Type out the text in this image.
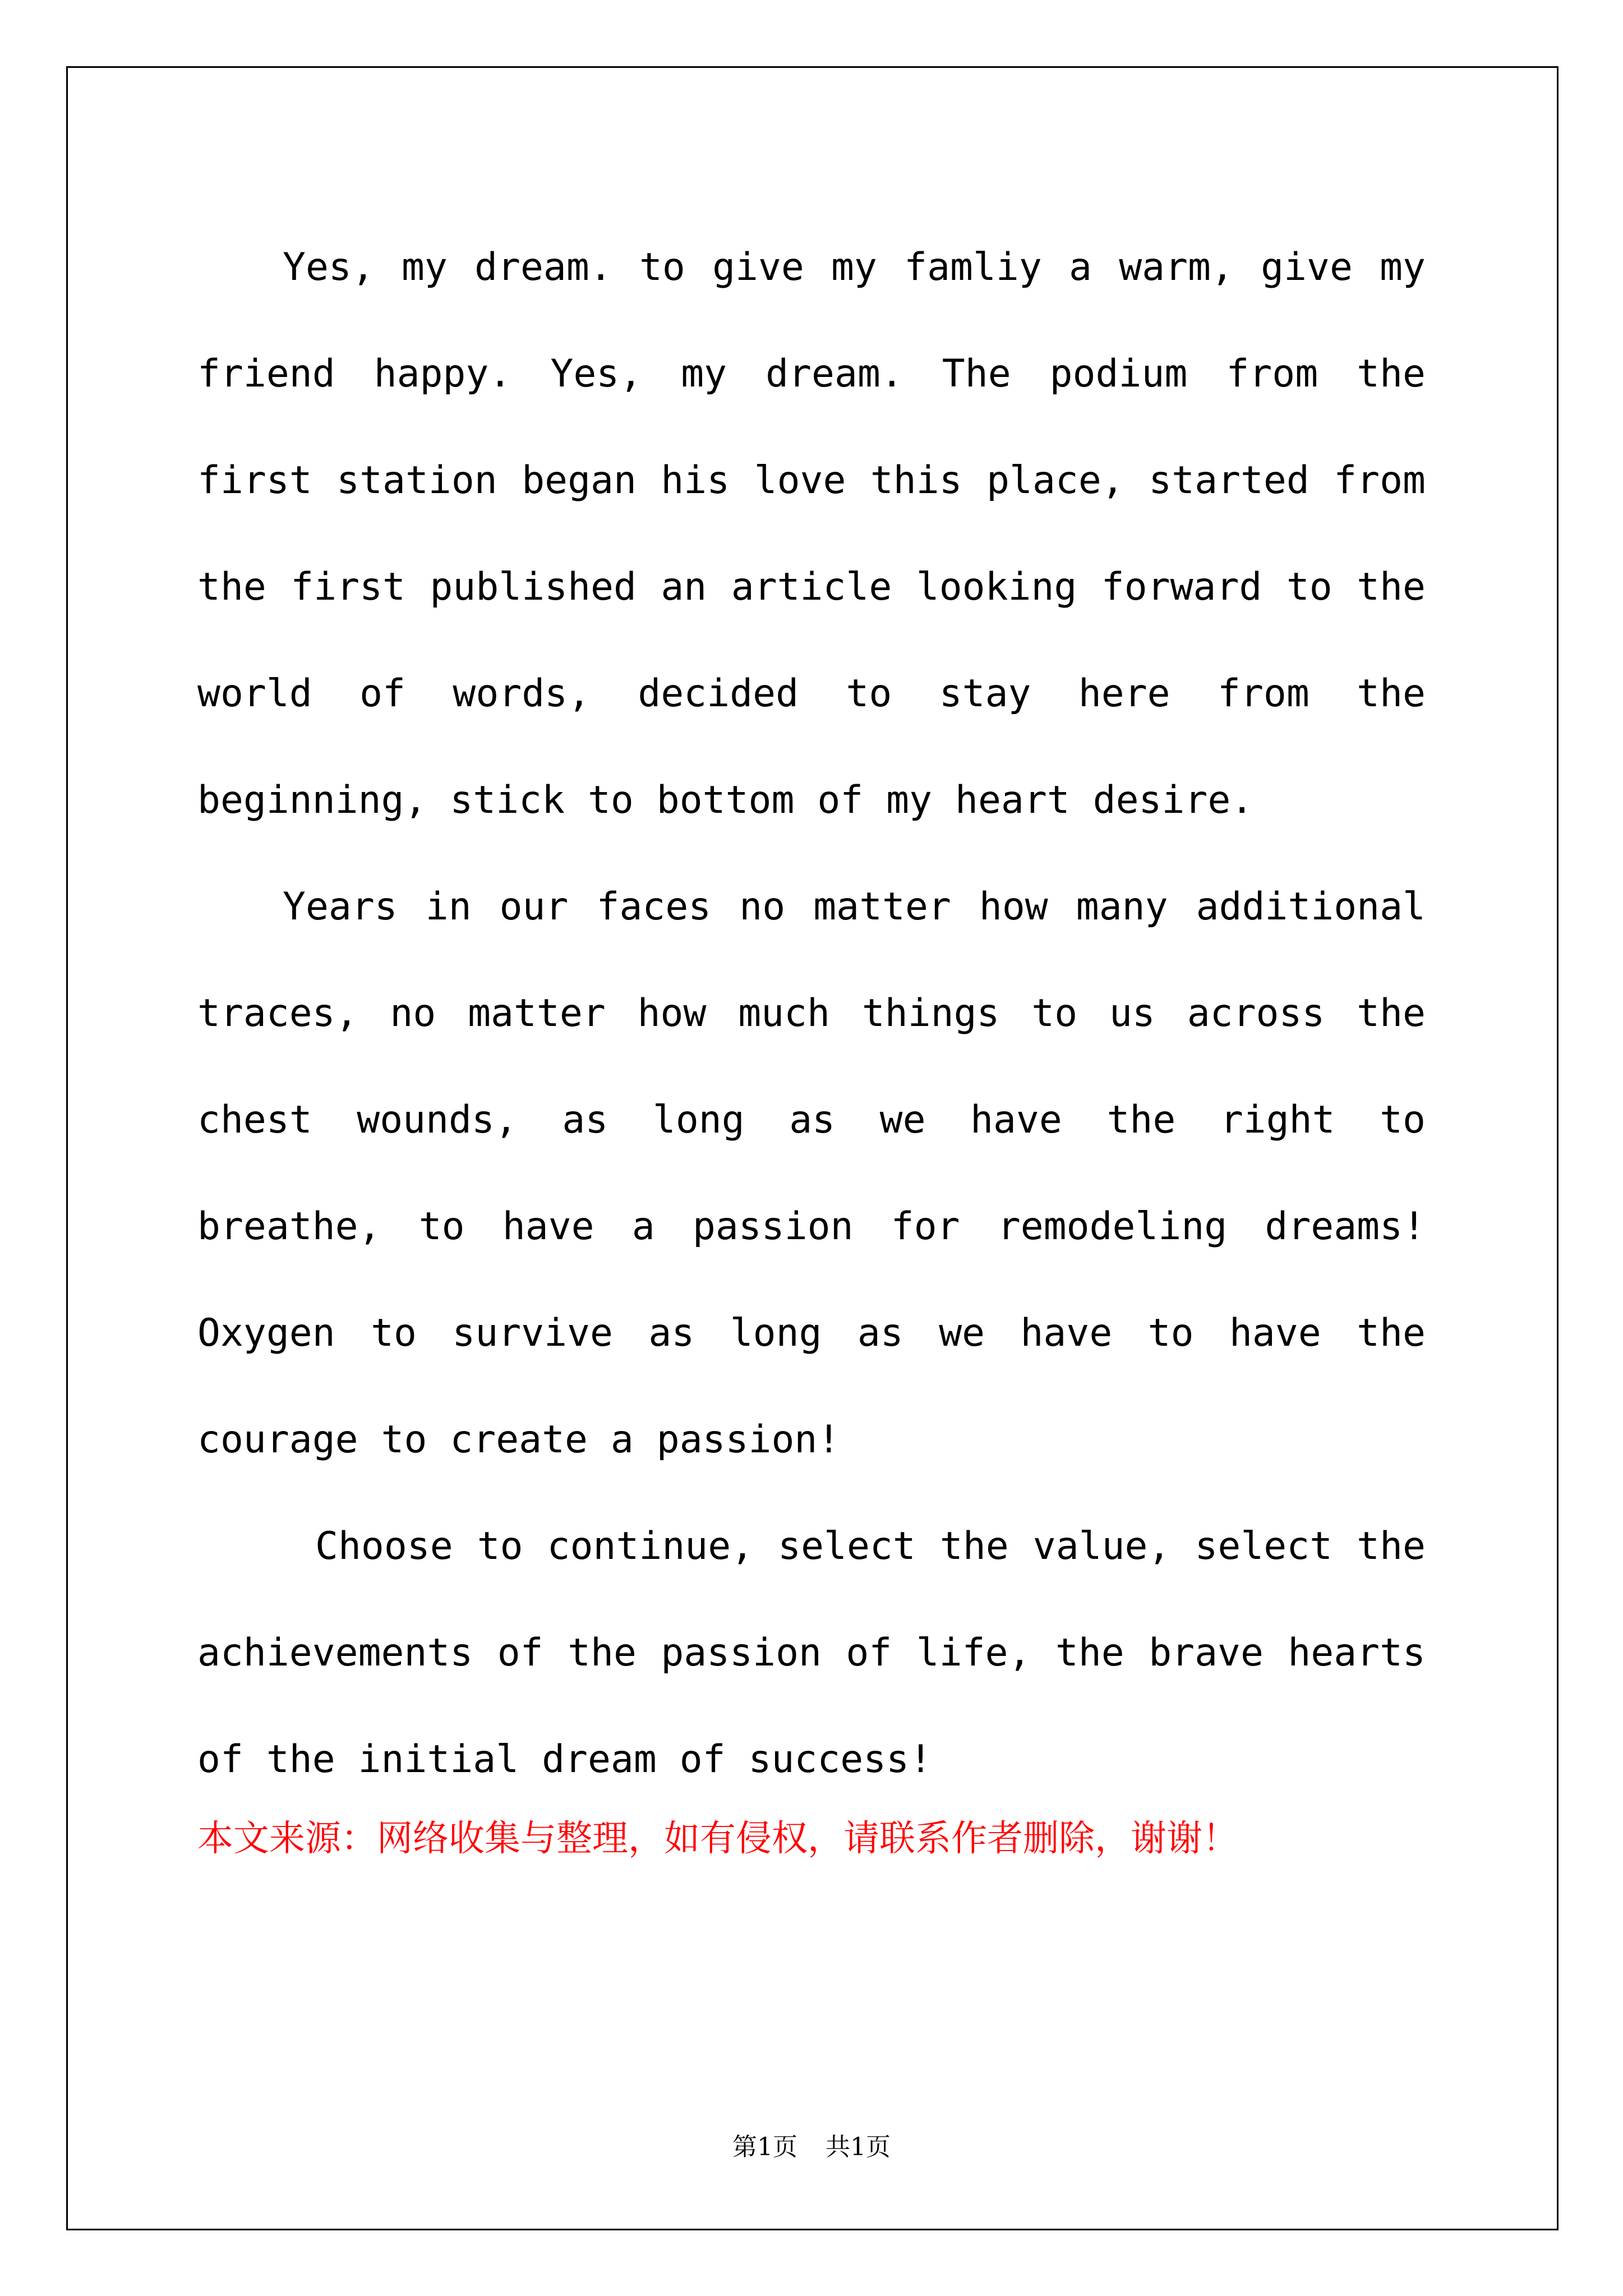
Yes, my dream. to give my famliy a warm, give my friend happy. Yes, my dream. The podium from the first station began his love this place, started from the first published an article looking forward to the world of words, decided to stay here from the beginning, stick to bottom of my heart desire.

Years in our faces no matter how many additional traces, no matter how much things to us across the chest wounds, as long as we have the right to breathe, to have a passion for remodeling dreams! Oxygen to survive as long as we have to have the courage to create a passion!

Choose to continue, select the value, select the achievements of the passion of life, the brave hearts of the initial dream of success!

本文来源：网络收集与整理，如有侵权，请联系作者删除，谢谢！
第1页 共1页
